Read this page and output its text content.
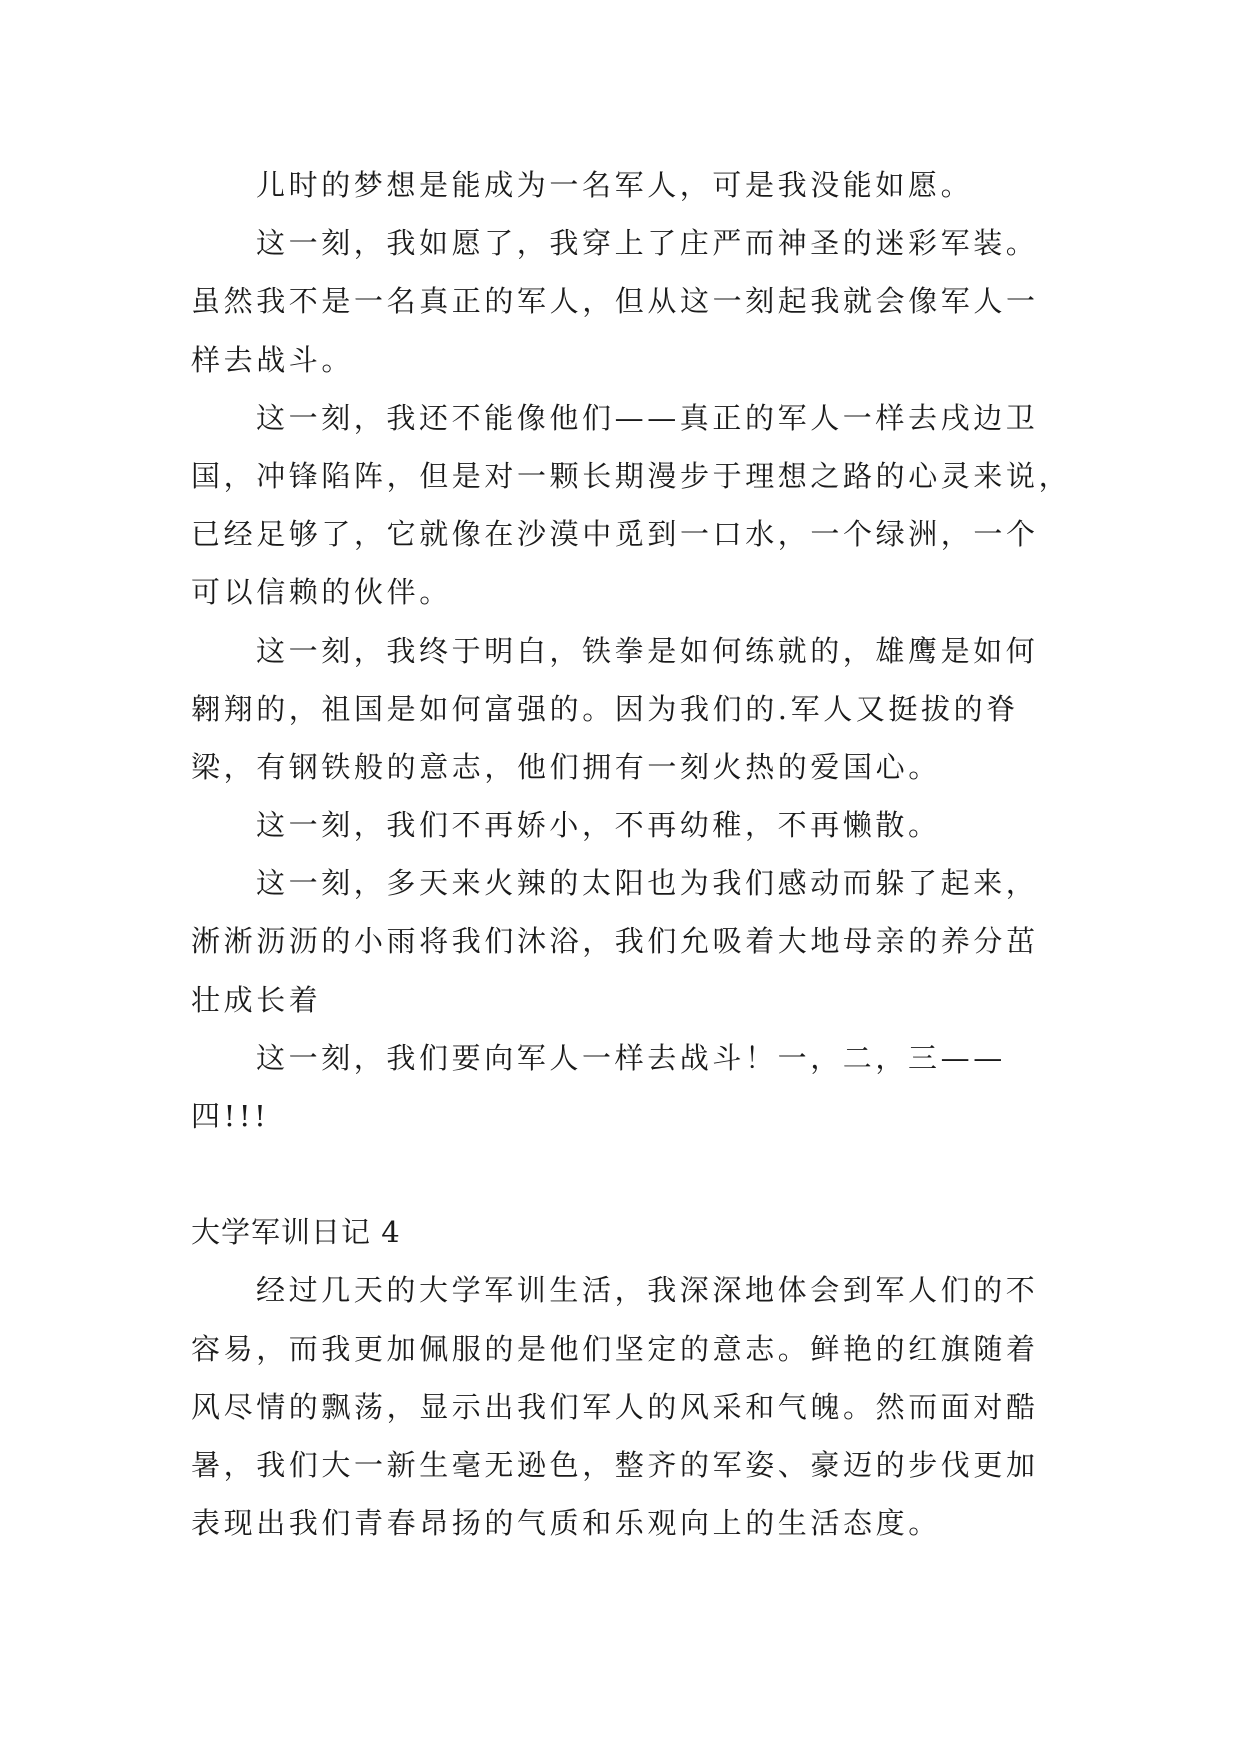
儿时的梦想是能成为一名军人，可是我没能如愿。
这一刻，我如愿了，我穿上了庄严而神圣的迷彩军装。
虽然我不是一名真正的军人，但从这一刻起我就会像军人一
样去战斗。
这一刻，我还不能像他们——真正的军人一样去戌边卫
国，冲锋陷阵，但是对一颗长期漫步于理想之路的心灵来说，
已经足够了，它就像在沙漠中觅到一口水，一个绿洲，一个
可以信赖的伙伴。
这一刻，我终于明白，铁拳是如何练就的，雄鹰是如何
翱翔的，祖国是如何富强的。因为我们的.军人又挺拔的脊
梁，有钢铁般的意志，他们拥有一刻火热的爱国心。
这一刻，我们不再娇小，不再幼稚，不再懒散。
这一刻，多天来火辣的太阳也为我们感动而躲了起来，
淅淅沥沥的小雨将我们沐浴，我们允吸着大地母亲的养分茁
壮成长着
这一刻，我们要向军人一样去战斗！一，二，三——
四!!!
大学军训日记 4
经过几天的大学军训生活，我深深地体会到军人们的不
容易，而我更加佩服的是他们坚定的意志。鲜艳的红旗随着
风尽情的飘荡，显示出我们军人的风采和气魄。然而面对酷
暑，我们大一新生毫无逊色，整齐的军姿、豪迈的步伐更加
表现出我们青春昂扬的气质和乐观向上的生活态度。
